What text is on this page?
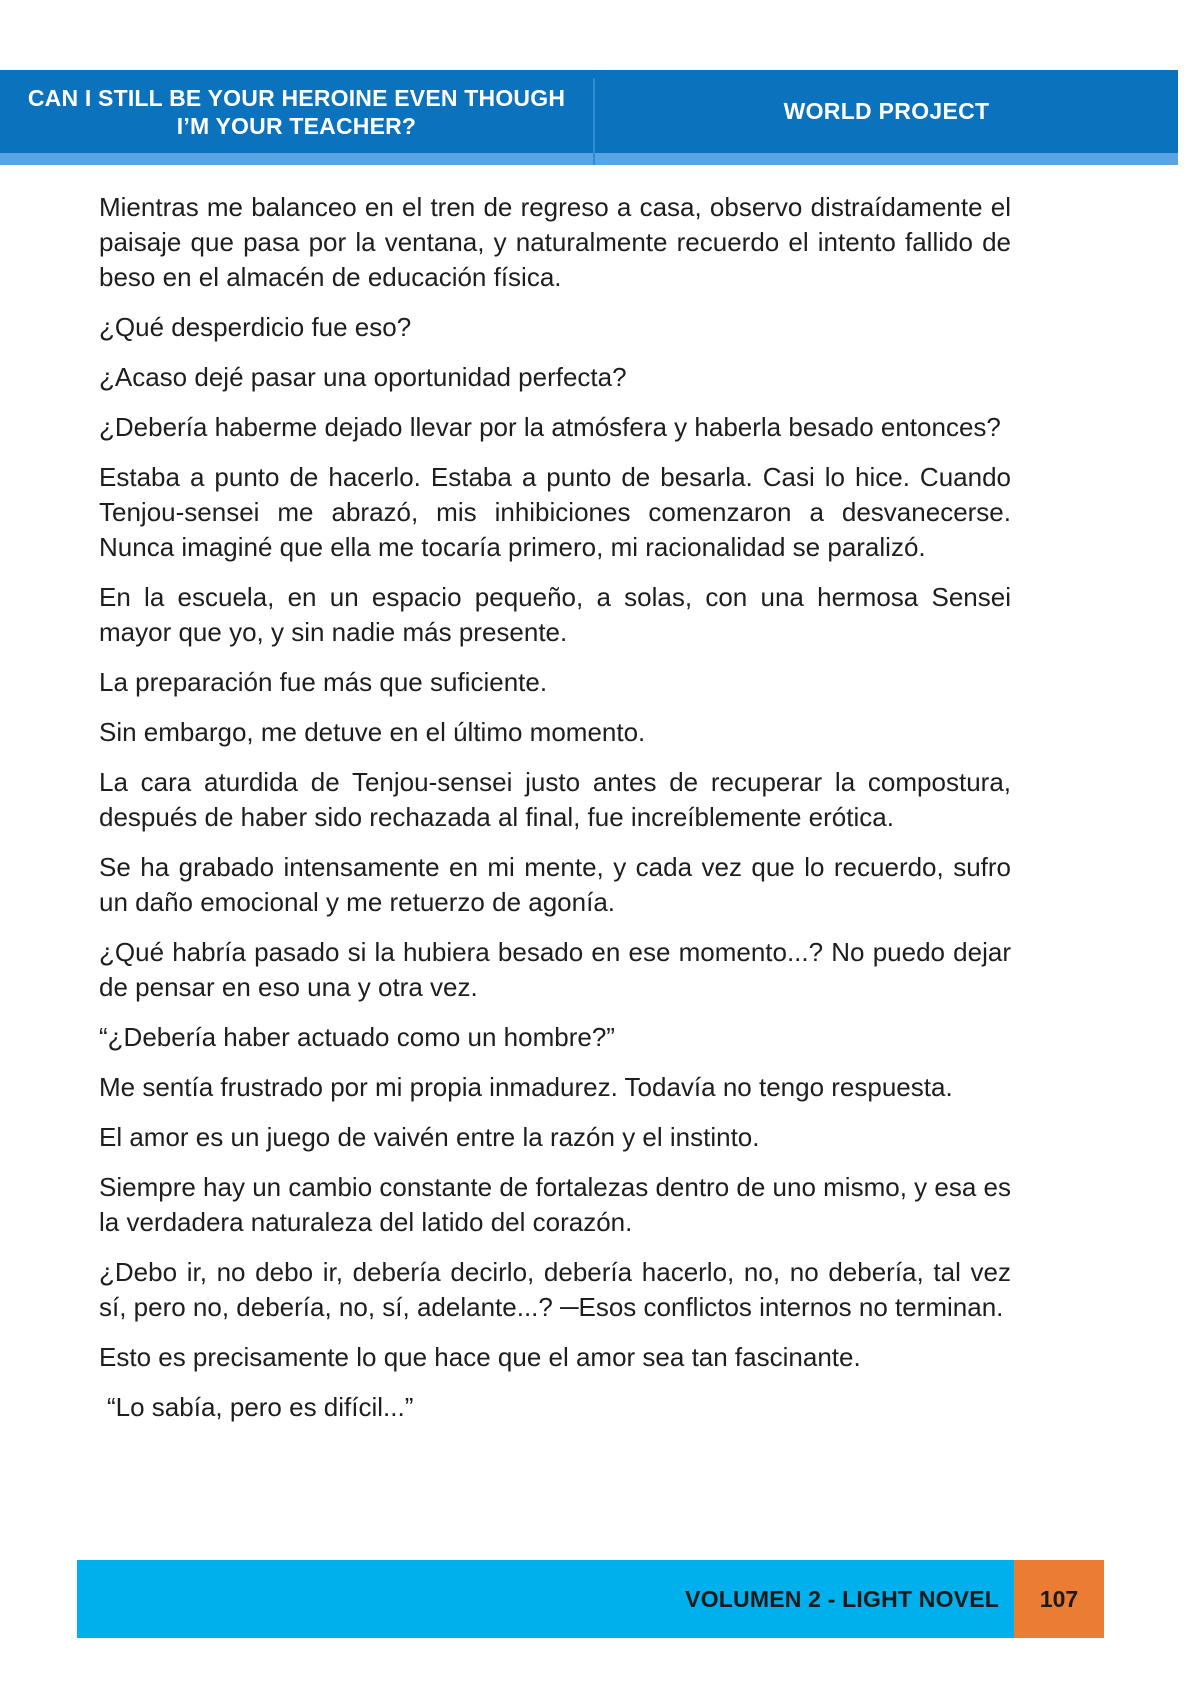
CAN I STILL BE YOUR HEROINE EVEN THOUGH
I’M YOUR TEACHER?
WORLD PROJECT

Mientras me balanceo en el tren de regreso a casa, observo distraídamente el paisaje que pasa por la ventana, y naturalmente recuerdo el intento fallido de beso en el almacén de educación física.

¿Qué desperdicio fue eso?

¿Acaso dejé pasar una oportunidad perfecta?

¿Debería haberme dejado llevar por la atmósfera y haberla besado entonces?

Estaba a punto de hacerlo. Estaba a punto de besarla. Casi lo hice. Cuando Tenjou-sensei me abrazó, mis inhibiciones comenzaron a desvanecerse. Nunca imaginé que ella me tocaría primero, mi racionalidad se paralizó.

En la escuela, en un espacio pequeño, a solas, con una hermosa Sensei mayor que yo, y sin nadie más presente.

La preparación fue más que suficiente.

Sin embargo, me detuve en el último momento.

La cara aturdida de Tenjou-sensei justo antes de recuperar la compostura, después de haber sido rechazada al final, fue increíblemente erótica.

Se ha grabado intensamente en mi mente, y cada vez que lo recuerdo, sufro un daño emocional y me retuerzo de agonía.

¿Qué habría pasado si la hubiera besado en ese momento...? No puedo dejar de pensar en eso una y otra vez.

“¿Debería haber actuado como un hombre?”

Me sentía frustrado por mi propia inmadurez. Todavía no tengo respuesta.

El amor es un juego de vaivén entre la razón y el instinto.

Siempre hay un cambio constante de fortalezas dentro de uno mismo, y esa es la verdadera naturaleza del latido del corazón.

¿Debo ir, no debo ir, debería decirlo, debería hacerlo, no, no debería, tal vez sí, pero no, debería, no, sí, adelante...? ─Esos conflictos internos no terminan.

Esto es precisamente lo que hace que el amor sea tan fascinante.

“Lo sabía, pero es difícil...”

VOLUMEN 2 - LIGHT NOVEL 107
